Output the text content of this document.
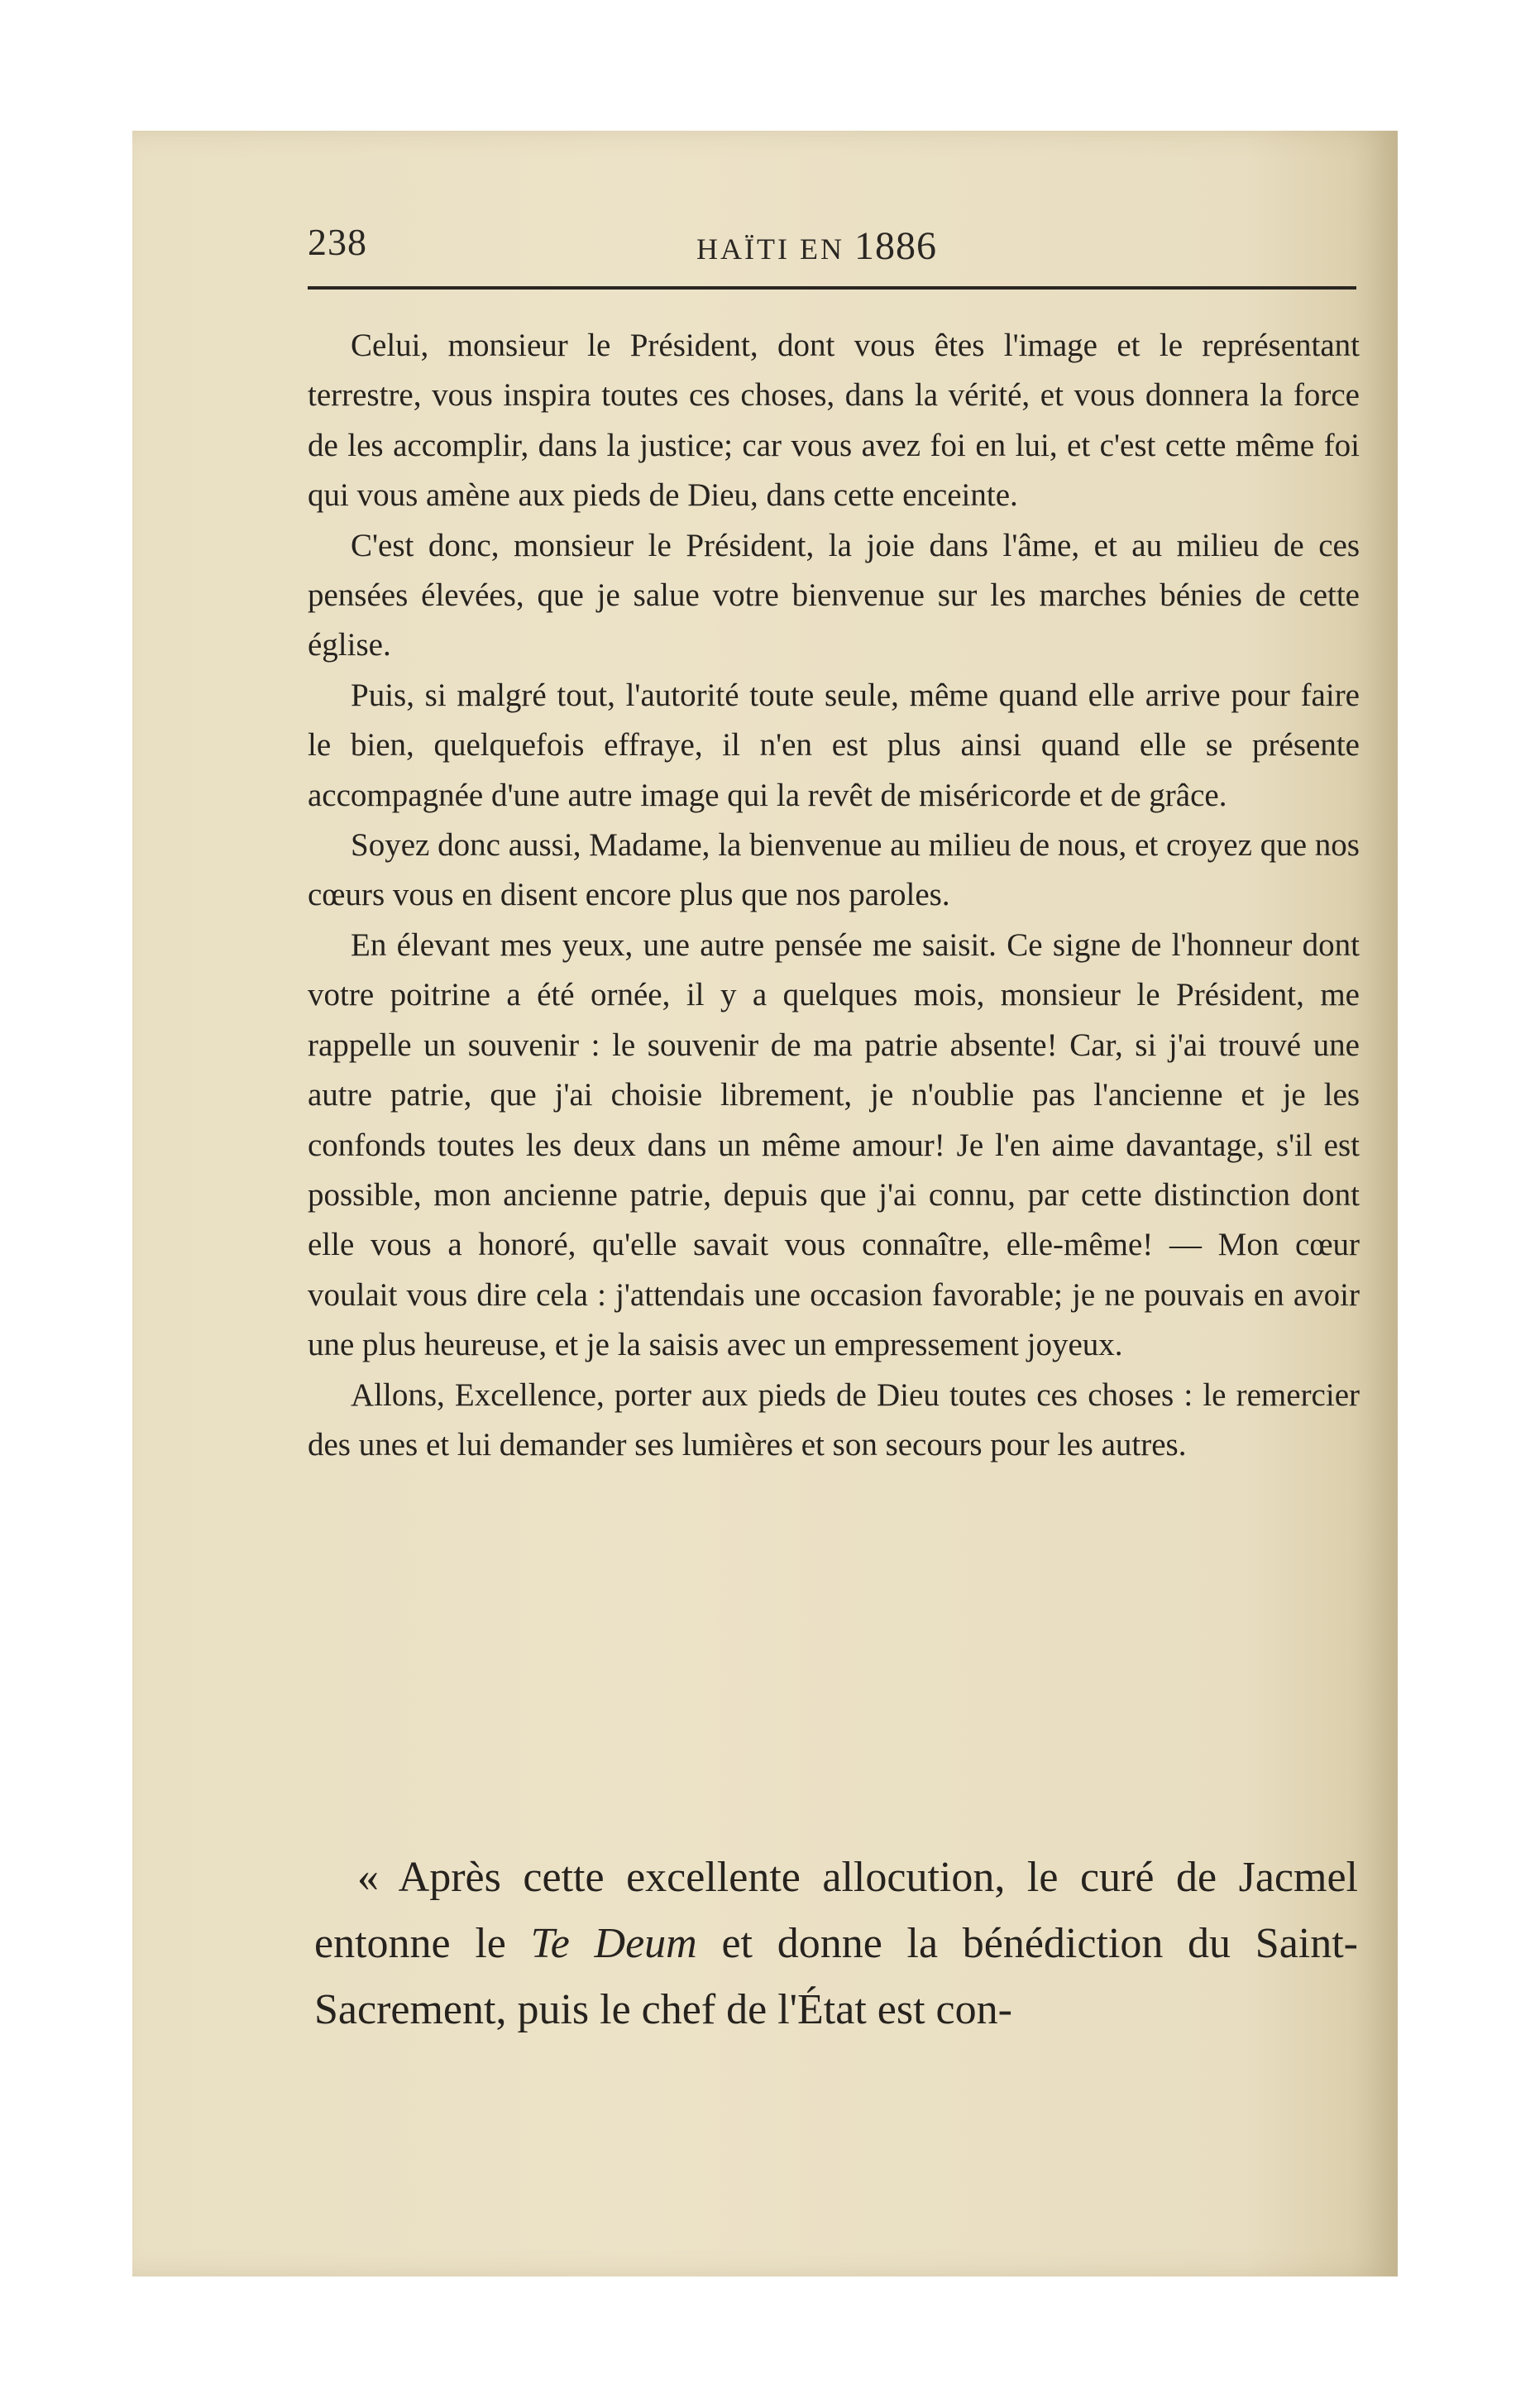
238	HAÏTI EN 1886

Celui, monsieur le Président, dont vous êtes l'image et le représentant terrestre, vous inspira toutes ces choses, dans la vérité, et vous donnera la force de les accomplir, dans la justice; car vous avez foi en lui, et c'est cette même foi qui vous amène aux pieds de Dieu, dans cette enceinte.

C'est donc, monsieur le Président, la joie dans l'âme, et au milieu de ces pensées élevées, que je salue votre bienvenue sur les marches bénies de cette église.

Puis, si malgré tout, l'autorité toute seule, même quand elle arrive pour faire le bien, quelquefois effraye, il n'en est plus ainsi quand elle se présente accompagnée d'une autre image qui la revêt de miséricorde et de grâce.

Soyez donc aussi, Madame, la bienvenue au milieu de nous, et croyez que nos cœurs vous en disent encore plus que nos paroles.

En élevant mes yeux, une autre pensée me saisit. Ce signe de l'honneur dont votre poitrine a été ornée, il y a quelques mois, monsieur le Président, me rappelle un souvenir : le souvenir de ma patrie absente! Car, si j'ai trouvé une autre patrie, que j'ai choisie librement, je n'oublie pas l'ancienne et je les confonds toutes les deux dans un même amour! Je l'en aime davantage, s'il est possible, mon ancienne patrie, depuis que j'ai connu, par cette distinction dont elle vous a honoré, qu'elle savait vous connaître, elle-même! — Mon cœur voulait vous dire cela : j'attendais une occasion favorable; je ne pouvais en avoir une plus heureuse, et je la saisis avec un empressement joyeux.

Allons, Excellence, porter aux pieds de Dieu toutes ces choses : le remercier des unes et lui demander ses lumières et son secours pour les autres.

« Après cette excellente allocution, le curé de Jacmel entonne le Te Deum et donne la bénédiction du Saint-Sacrement, puis le chef de l'État est con-
